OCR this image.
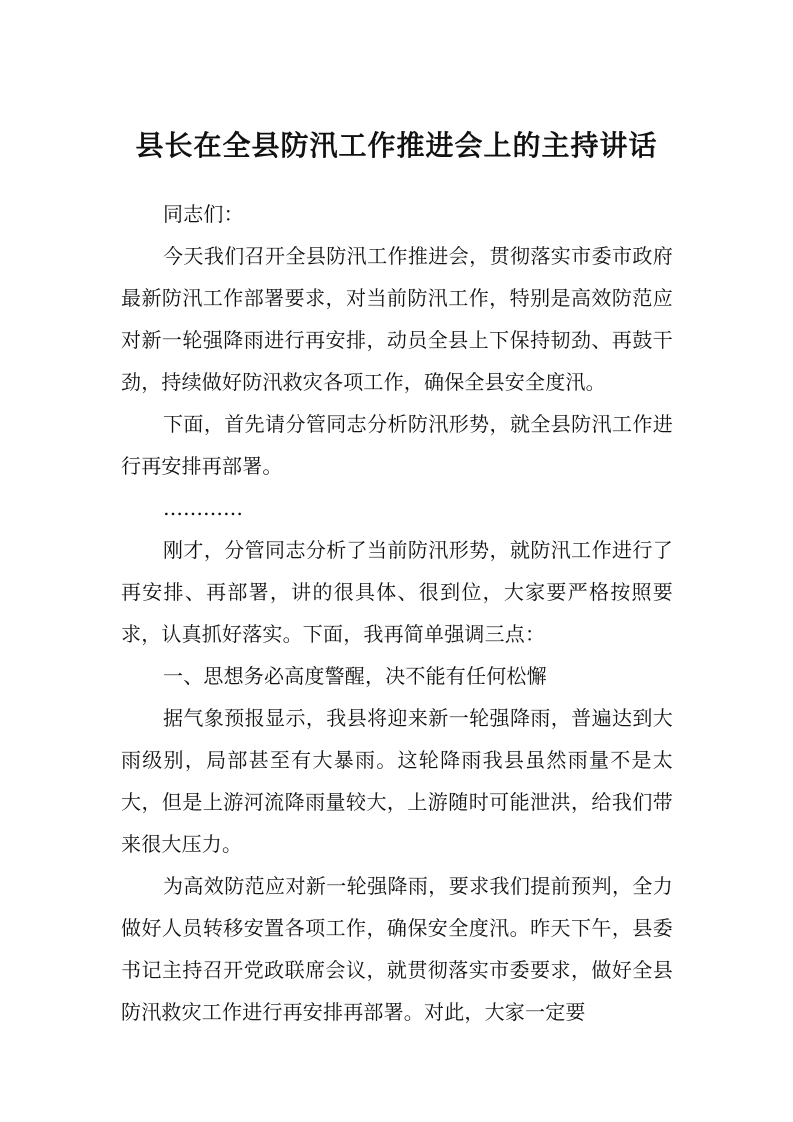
县长在全县防汛工作推进会上的主持讲话

同志们：

今天我们召开全县防汛工作推进会，贯彻落实市委市政府最新防汛工作部署要求，对当前防汛工作，特别是高效防范应对新一轮强降雨进行再安排，动员全县上下保持韧劲、再鼓干劲，持续做好防汛救灾各项工作，确保全县安全度汛。

下面，首先请分管同志分析防汛形势，就全县防汛工作进行再安排再部署。

…………

刚才，分管同志分析了当前防汛形势，就防汛工作进行了再安排、再部署，讲的很具体、很到位，大家要严格按照要求，认真抓好落实。下面，我再简单强调三点：

一、思想务必高度警醒，决不能有任何松懈

据气象预报显示，我县将迎来新一轮强降雨，普遍达到大雨级别，局部甚至有大暴雨。这轮降雨我县虽然雨量不是太大，但是上游河流降雨量较大，上游随时可能泄洪，给我们带来很大压力。

为高效防范应对新一轮强降雨，要求我们提前预判，全力做好人员转移安置各项工作，确保安全度汛。昨天下午，县委书记主持召开党政联席会议，就贯彻落实市委要求，做好全县防汛救灾工作进行再安排再部署。对此，大家一定要
